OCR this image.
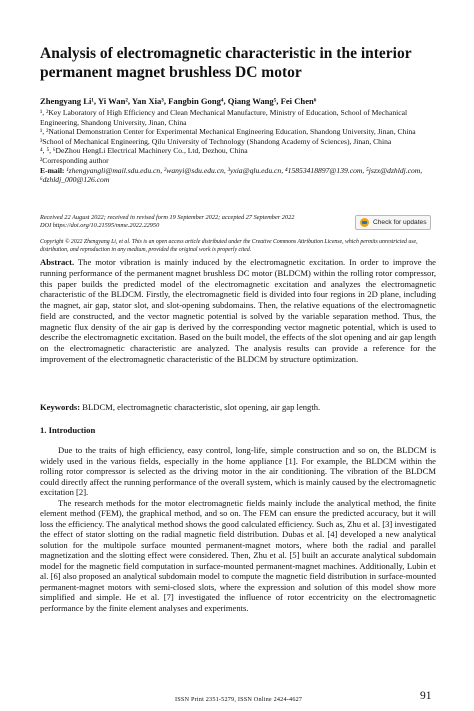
Analysis of electromagnetic characteristic in the interior permanent magnet brushless DC motor
Zhengyang Li¹, Yi Wan², Yan Xia³, Fangbin Gong⁴, Qiang Wang⁵, Fei Chen⁶

¹, ²Key Laboratory of High Efficiency and Clean Mechanical Manufacture, Ministry of Education, School of Mechanical Engineering, Shandong University, Jinan, China

¹, ²National Demonstration Center for Experimental Mechanical Engineering Education, Shandong University, Jinan, China

³School of Mechanical Engineering, Qilu University of Technology (Shandong Academy of Sciences), Jinan, China

⁴, ⁵, ⁶DeZhou HengLi Electrical Machinery Co., Ltd, Dezhou, China

²Corresponding author

E-mail: ¹zhengyangli@mail.sdu.edu.cn, ²wanyi@sdu.edu.cn, ³yxia@qlu.edu.cn, ⁴15853418897@139.com, ⁵jszx@dzhldj.com, ⁶dzhldj_000@126.com

Received 22 August 2022; received in revised form 19 September 2022; accepted 27 September 2022

DOI https://doi.org/10.21595/mme.2022.22950	Check for updates
Copyright © 2022 Zhengyang Li, et al. This is an open access article distributed under the Creative Commons Attribution License, which permits unrestricted use, distribution, and reproduction in any medium, provided the original work is properly cited.
Abstract. The motor vibration is mainly induced by the electromagnetic excitation. In order to improve the running performance of the permanent magnet brushless DC motor (BLDCM) within the rolling rotor compressor, this paper builds the predicted model of the electromagnetic excitation and analyzes the electromagnetic characteristic of the BLDCM. Firstly, the electromagnetic field is divided into four regions in 2D plane, including the magnet, air gap, stator slot, and slot-opening subdomains. Then, the relative equations of the electromagnetic field are constructed, and the vector magnetic potential is solved by the variable separation method. Thus, the magnetic flux density of the air gap is derived by the corresponding vector magnetic potential, which is used to describe the electromagnetic excitation. Based on the built model, the effects of the slot opening and air gap length on the electromagnetic characteristic are analyzed. The analysis results can provide a reference for the improvement of the electromagnetic characteristic of the BLDCM by structure optimization.
Keywords: BLDCM, electromagnetic characteristic, slot opening, air gap length.
1. Introduction

Due to the traits of high efficiency, easy control, long-life, simple construction and so on, the BLDCM is widely used in the various fields, especially in the home appliance [1]. For example, the BLDCM within the rolling rotor compressor is selected as the driving motor in the air conditioning. The vibration of the BLDCM could directly affect the running performance of the overall system, which is mainly caused by the electromagnetic excitation [2].

The research methods for the motor electromagnetic fields mainly include the analytical method, the finite element method (FEM), the graphical method, and so on. The FEM can ensure the predicted accuracy, but it will loss the efficiency. The analytical method shows the good calculated efficiency. Such as, Zhu et al. [3] investigated the effect of stator slotting on the radial magnetic field distribution. Dubas et al. [4] developed a new analytical solution for the multipole surface mounted permanent-magnet motors, where both the radial and parallel magnetization and the slotting effect were considered. Then, Zhu et al. [5] built an accurate analytical subdomain model for the magnetic field computation in surface-mounted permanent-magnet machines. Additionally, Lubin et al. [6] also proposed an analytical subdomain model to compute the magnetic field distribution in surface-mounted permanent-magnet motors with semi-closed slots, where the expression and solution of this model show more simplified and simple. He et al. [7] investigated the influence of rotor eccentricity on the electromagnetic performance by the finite element analyses and experiments.

ISSN Print 2351-5279, ISSN Online 2424-4627	91
